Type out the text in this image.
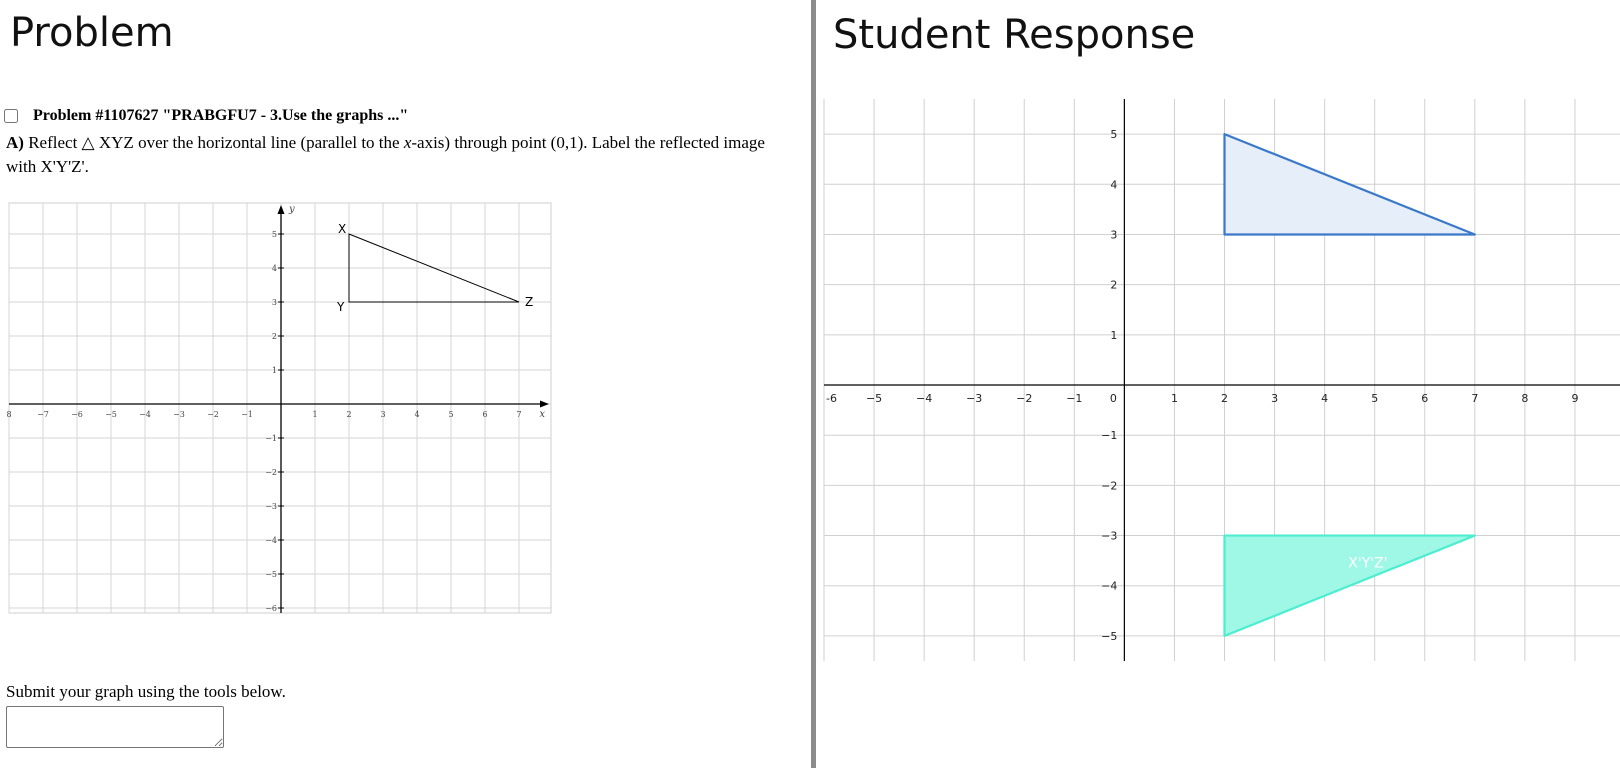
Problem
Problem #1107627 "PRABGFU7 - 3.Use the graphs ..."
A) Reflect △ XYZ over the horizontal line (parallel to the x-axis) through point (0,1). Label the reflected image with X'Y'Z'.
8	−7	−6	−5	−4	−3	−2	−1	1	2	3	4	5	6	7
5
4
3
2
1
−1
−2
−3
−4
−5
−6
x
y
X
Y	Z
Submit your graph using the tools below.
Student Response
-6	−5	−4	−3	−2	−1 0	1	2	3	4	5	6	7	8	9
5
4
3
2
1
−1
−2
−3
−4
−5
X'Y'Z'
